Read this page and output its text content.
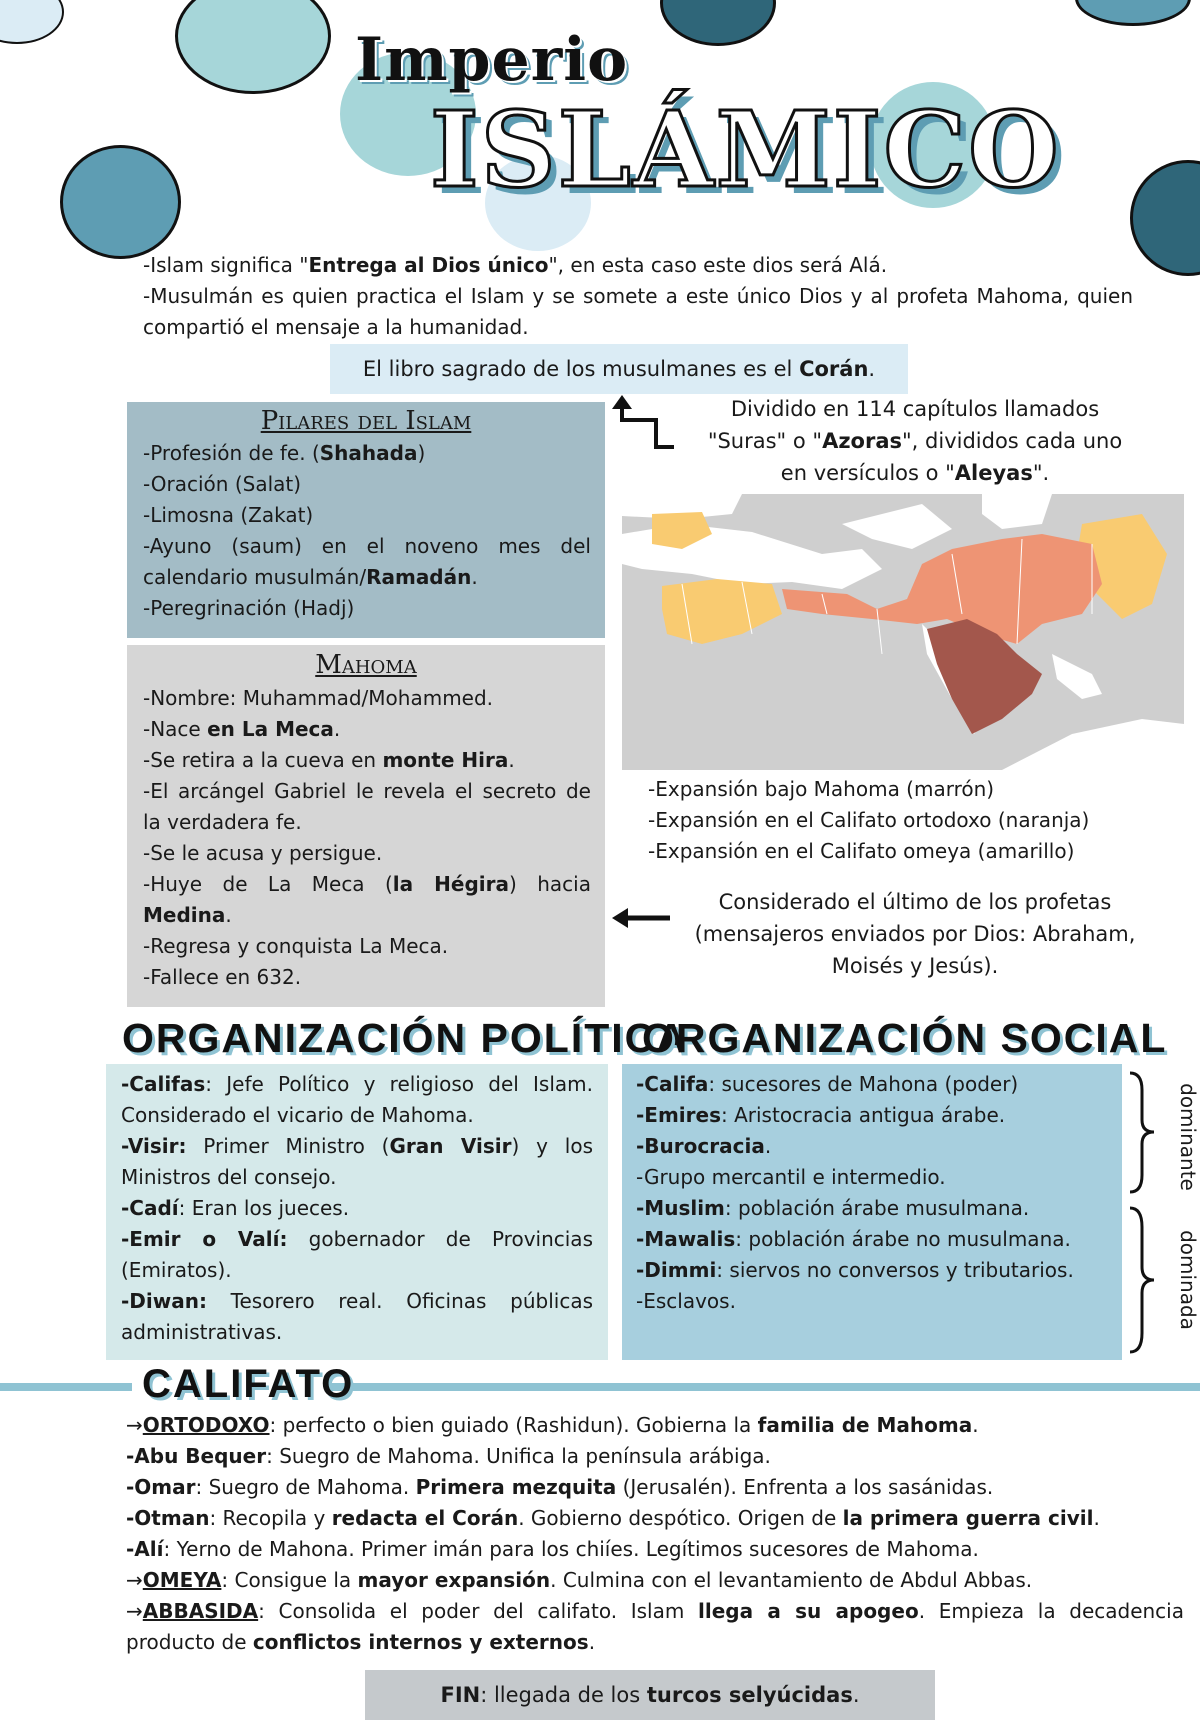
Imperio
ISLÁMICO
-Islam significa "Entrega al Dios único", en esta caso este dios será Alá.
-Musulmán es quien practica el Islam y se somete a este único Dios y al profeta Mahoma, quien compartió el mensaje a la humanidad.
El libro sagrado de los musulmanes es el Corán.
Dividido en 114 capítulos llamados
"Suras" o "Azoras", divididos cada uno
en versículos o "Aleyas".
Pilares del Islam
-Profesión de fe. (Shahada)
-Oración (Salat)
-Limosna (Zakat)
-Ayuno (saum) en el noveno mes del calendario musulmán/Ramadán.
-Peregrinación (Hadj)
Mahoma
-Nombre: Muhammad/Mohammed.
-Nace en La Meca.
-Se retira a la cueva en monte Hira.
-El arcángel Gabriel le revela el secreto de la verdadera fe.
-Se le acusa y persigue.
-Huye de La Meca (la Hégira) hacia Medina.
-Regresa y conquista La Meca.
-Fallece en 632.
-Expansión bajo Mahoma (marrón)
-Expansión en el Califato ortodoxo (naranja)
-Expansión en el Califato omeya (amarillo)
Considerado el último de los profetas
(mensajeros enviados por Dios: Abraham,
Moisés y Jesús).
ORGANIZACIÓN POLÍTICA
-Califas: Jefe Político y religioso del Islam. Considerado el vicario de Mahoma.
-Visir: Primer Ministro (Gran Visir) y los Ministros del consejo.
-Cadí: Eran los jueces.
-Emir o Valí: gobernador de Provincias (Emiratos).
-Diwan: Tesorero real. Oficinas públicas administrativas.
ORGANIZACIÓN SOCIAL
-Califa: sucesores de Mahona (poder)
-Emires: Aristocracia antigua árabe.
-Burocracia.
-Grupo mercantil e intermedio.
-Muslim: población árabe musulmana.
-Mawalis: población árabe no musulmana.
-Dimmi: siervos no conversos y tributarios.
-Esclavos.
dominante
dominada
CALIFATO
→ORTODOXO: perfecto o bien guiado (Rashidun). Gobierna la familia de Mahoma.
-Abu Bequer: Suegro de Mahoma. Unifica la península arábiga.
-Omar: Suegro de Mahoma. Primera mezquita (Jerusalén). Enfrenta a los sasánidas.
-Otman: Recopila y redacta el Corán. Gobierno despótico. Origen de la primera guerra civil.
-Alí: Yerno de Mahona. Primer imán para los chiíes. Legítimos sucesores de Mahoma.
→OMEYA: Consigue la mayor expansión. Culmina con el levantamiento de Abdul Abbas.
→ABBASIDA: Consolida el poder del califato. Islam llega a su apogeo. Empieza la decadencia producto de conflictos internos y externos.
FIN: llegada de los turcos selyúcidas.
